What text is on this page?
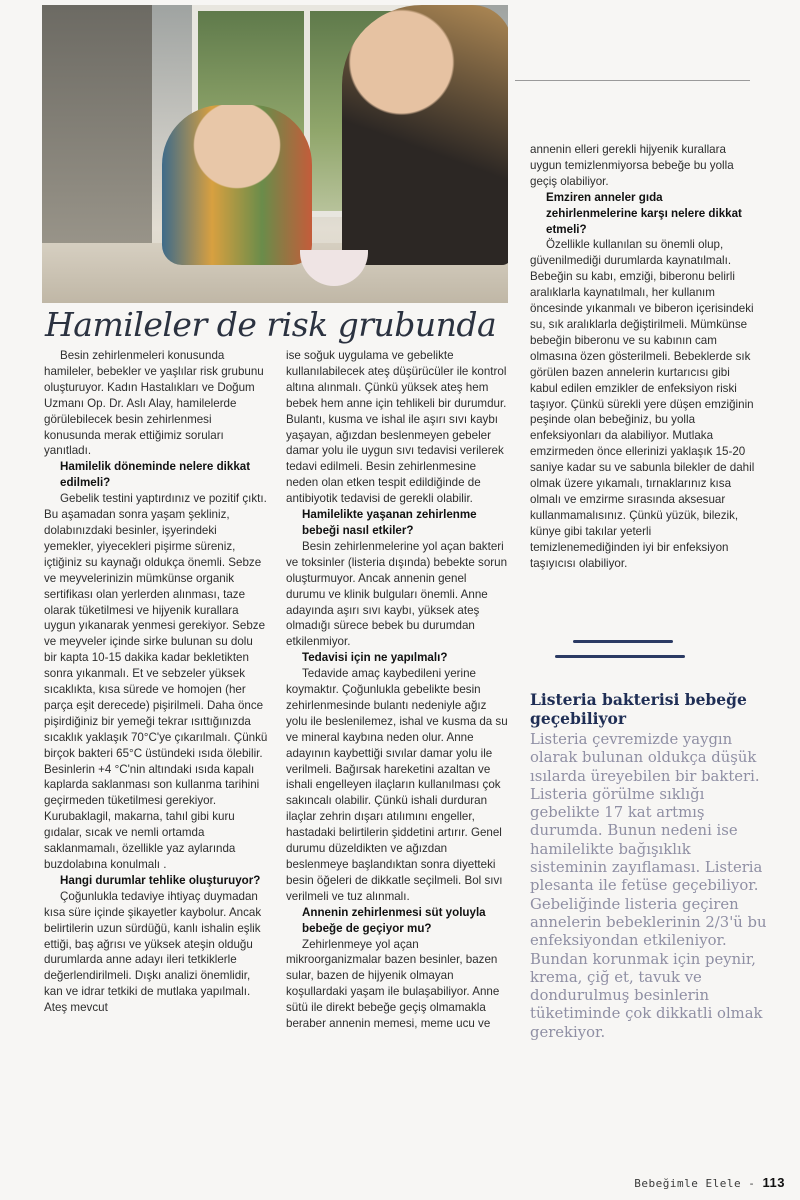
Hamileler de risk grubunda

Besin zehirlenmeleri konusunda hamileler, bebekler ve yaşlılar risk grubunu oluşturuyor. Kadın Hastalıkları ve Doğum Uzmanı Op. Dr. Aslı Alay, hamilelerde görülebilecek besin zehirlenmesi konusunda merak ettiğimiz soruları yanıtladı.

Hamilelik döneminde nelere dikkat edilmeli?

Gebelik testini yaptırdınız ve pozitif çıktı. Bu aşamadan sonra yaşam şekliniz, dolabınızdaki besinler, işyerindeki yemekler, yiyecekleri pişirme süreniz, içtiğiniz su kaynağı oldukça önemli. Sebze ve meyvelerinizin mümkünse organik sertifikası olan yerlerden alınması, taze olarak tüketilmesi ve hijyenik kurallara uygun yıkanarak yenmesi gerekiyor. Sebze ve meyveler içinde sirke bulunan su dolu bir kapta 10-15 dakika kadar bekletikten sonra yıkanmalı. Et ve sebzeler yüksek sıcaklıkta, kısa sürede ve homojen (her parça eşit derecede) pişirilmeli. Daha önce pişirdiğiniz bir yemeği tekrar ısıttığınızda sıcaklık yaklaşık 70°C'ye çıkarılmalı. Çünkü birçok bakteri 65°C üstündeki ısıda ölebilir. Besinlerin +4 °C'nin altındaki ısıda kapalı kaplarda saklanması son kullanma tarihini geçirmeden tüketilmesi gerekiyor. Kurubaklagil, makarna, tahıl gibi kuru gıdalar, sıcak ve nemli ortamda saklanmamalı, özellikle yaz aylarında buzdolabına konulmalı .

Hangi durumlar tehlike oluşturuyor?

Çoğunlukla tedaviye ihtiyaç duymadan kısa süre içinde şikayetler kaybolur. Ancak belirtilerin uzun sürdüğü, kanlı ishalin eşlik ettiği, baş ağrısı ve yüksek ateşin olduğu durumlarda anne adayı ileri tetkiklerle değerlendirilmeli. Dışkı analizi önemlidir, kan ve idrar tetkiki de mutlaka yapılmalı. Ateş mevcut

ise soğuk uygulama ve gebelikte kullanılabilecek ateş düşürücüler ile kontrol altına alınmalı. Çünkü yüksek ateş hem bebek hem anne için tehlikeli bir durumdur. Bulantı, kusma ve ishal ile aşırı sıvı kaybı yaşayan, ağızdan beslenmeyen gebeler damar yolu ile uygun sıvı tedavisi verilerek tedavi edilmeli. Besin zehirlenmesine neden olan etken tespit edildiğinde de antibiyotik tedavisi de gerekli olabilir.

Hamilelikte yaşanan zehirlenme bebeği nasıl etkiler?

Besin zehirlenmelerine yol açan bakteri ve toksinler (listeria dışında) bebekte sorun oluşturmuyor. Ancak annenin genel durumu ve klinik bulguları önemli. Anne adayında aşırı sıvı kaybı, yüksek ateş olmadığı sürece bebek bu durumdan etkilenmiyor.

Tedavisi için ne yapılmalı?

Tedavide amaç kaybedileni yerine koymaktır. Çoğunlukla gebelikte besin zehirlenmesinde bulantı nedeniyle ağız yolu ile beslenilemez, ishal ve kusma da su ve mineral kaybına neden olur. Anne adayının kaybettiği sıvılar damar yolu ile verilmeli. Bağırsak hareketini azaltan ve ishali engelleyen ilaçların kullanılması çok sakıncalı olabilir. Çünkü ishali durduran ilaçlar zehrin dışarı atılımını engeller, hastadaki belirtilerin şiddetini artırır. Genel durumu düzeldikten ve ağızdan beslenmeye başlandıktan sonra diyetteki besin öğeleri de dikkatle seçilmeli. Bol sıvı verilmeli ve tuz alınmalı.

Annenin zehirlenmesi süt yoluyla bebeğe de geçiyor mu?

Zehirlenmeye yol açan mikroorganizmalar bazen besinler, bazen sular, bazen de hijyenik olmayan koşullardaki yaşam ile bulaşabiliyor. Anne sütü ile direkt bebeğe geçiş olmamakla beraber annenin memesi, meme ucu ve

annenin elleri gerekli hijyenik kurallara uygun temizlenmiyorsa bebeğe bu yolla geçiş olabiliyor.

Emziren anneler gıda zehirlenmelerine karşı nelere dikkat etmeli?

Özellikle kullanılan su önemli olup, güvenilmediği durumlarda kaynatılmalı. Bebeğin su kabı, emziği, biberonu belirli aralıklarla kaynatılmalı, her kullanım öncesinde yıkanmalı ve biberon içerisindeki su, sık aralıklarla değiştirilmeli. Mümkünse bebeğin biberonu ve su kabının cam olmasına özen gösterilmeli. Bebeklerde sık görülen bazen annelerin kurtarıcısı gibi kabul edilen emzikler de enfeksiyon riski taşıyor. Çünkü sürekli yere düşen emziğinin peşinde olan bebeğiniz, bu yolla enfeksiyonları da alabiliyor. Mutlaka emzirmeden önce ellerinizi yaklaşık 15-20 saniye kadar su ve sabunla bilekler de dahil olmak üzere yıkamalı, tırnaklarınız kısa olmalı ve emzirme sırasında aksesuar kullanmamalısınız. Çünkü yüzük, bilezik, künye gibi takılar yeterli temizlenemediğinden iyi bir enfeksiyon taşıyıcısı olabiliyor.

Listeria bakterisi bebeğe geçebiliyor
Listeria çevremizde yaygın olarak bulunan oldukça düşük ısılarda üreyebilen bir bakteri. Listeria görülme sıklığı gebelikte 17 kat artmış durumda. Bunun nedeni ise hamilelikte bağışıklık sisteminin zayıflaması. Listeria plesanta ile fetüse geçebiliyor. Gebeliğinde listeria geçiren annelerin bebeklerinin 2/3'ü bu enfeksiyondan etkileniyor. Bundan korunmak için peynir, krema, çiğ et, tavuk ve dondurulmuş besinlerin tüketiminde çok dikkatli olmak gerekiyor.
Bebeğimle Elele - 113
